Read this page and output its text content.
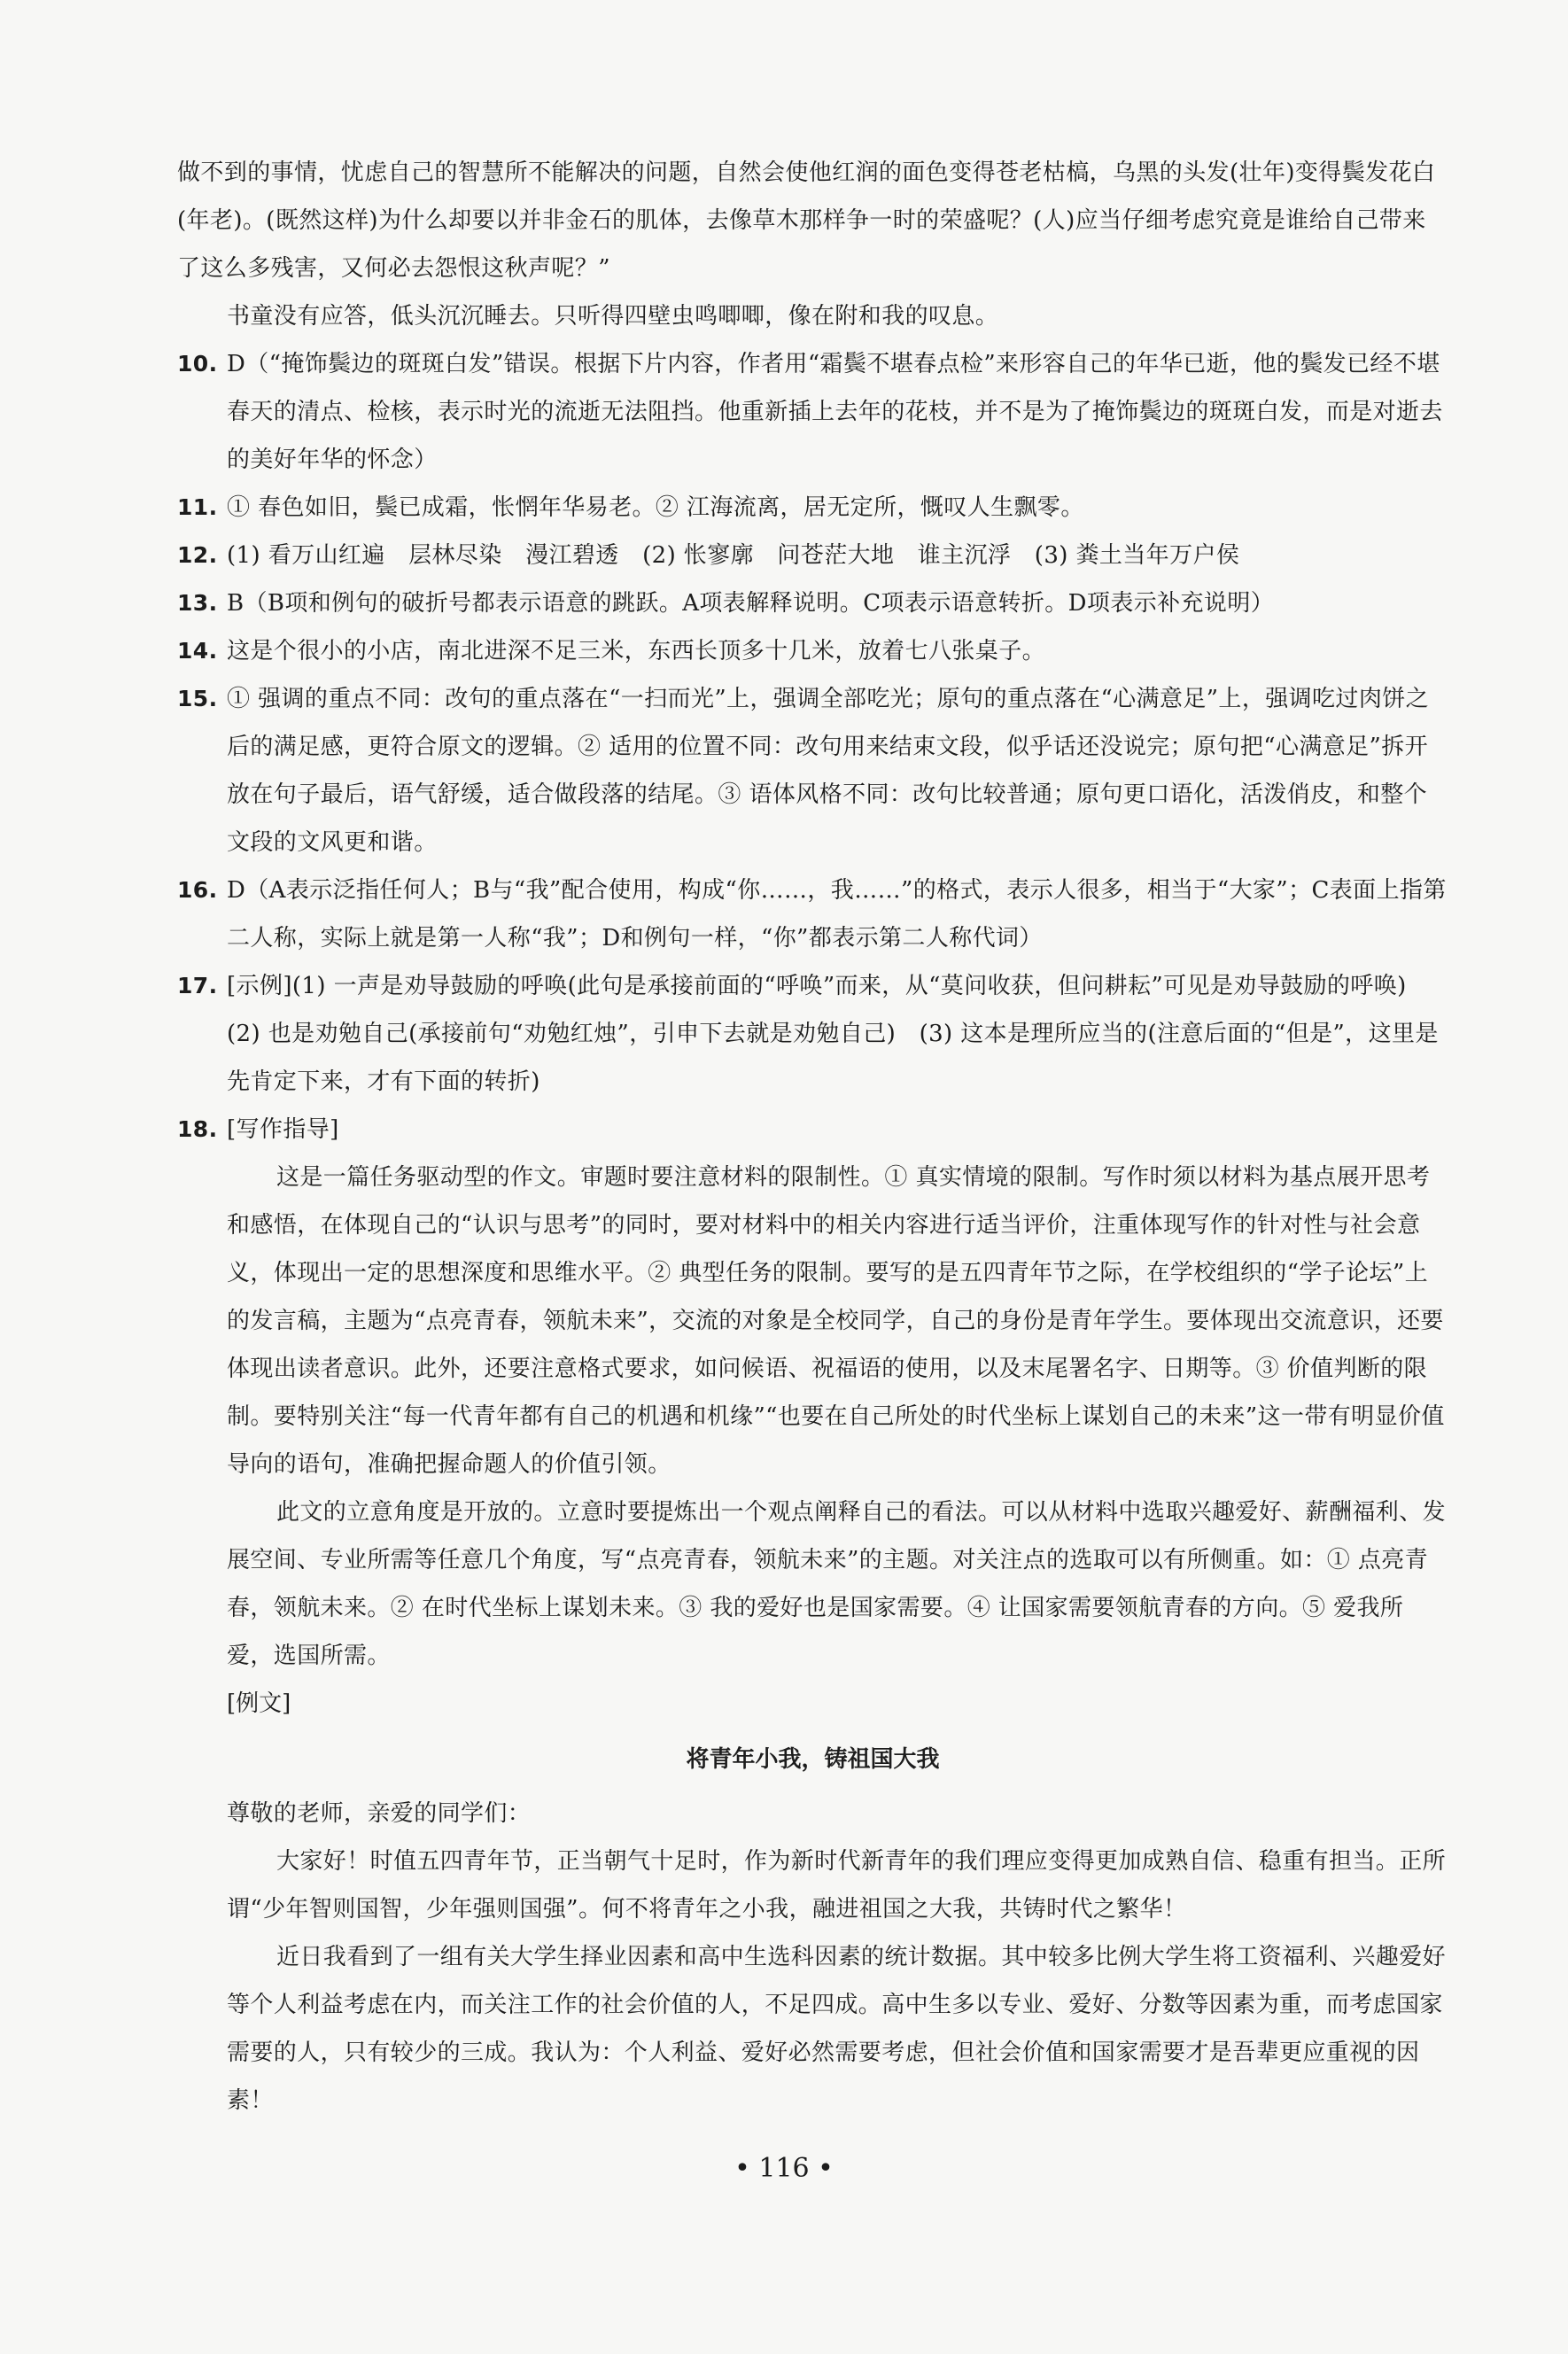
做不到的事情，忧虑自己的智慧所不能解决的问题，自然会使他红润的面色变得苍老枯槁，乌黑的头发(壮年)变得鬓发花白(年老)。(既然这样)为什么却要以并非金石的肌体，去像草木那样争一时的荣盛呢？(人)应当仔细考虑究竟是谁给自己带来了这么多残害，又何必去怨恨这秋声呢？”

书童没有应答，低头沉沉睡去。只听得四壁虫鸣唧唧，像在附和我的叹息。

10. D（“掩饰鬓边的斑斑白发”错误。根据下片内容，作者用“霜鬓不堪春点检”来形容自己的年华已逝，他的鬓发已经不堪春天的清点、检核，表示时光的流逝无法阻挡。他重新插上去年的花枝，并不是为了掩饰鬓边的斑斑白发，而是对逝去的美好年华的怀念）
11. ① 春色如旧，鬓已成霜，怅惘年华易老。② 江海流离，居无定所，慨叹人生飘零。
12. (1) 看万山红遍　层林尽染　漫江碧透　(2) 怅寥廓　问苍茫大地　谁主沉浮　(3) 粪土当年万户侯
13. B（B项和例句的破折号都表示语意的跳跃。A项表解释说明。C项表示语意转折。D项表示补充说明）
14. 这是个很小的小店，南北进深不足三米，东西长顶多十几米，放着七八张桌子。
15. ① 强调的重点不同：改句的重点落在“一扫而光”上，强调全部吃光；原句的重点落在“心满意足”上，强调吃过肉饼之后的满足感，更符合原文的逻辑。② 适用的位置不同：改句用来结束文段，似乎话还没说完；原句把“心满意足”拆开放在句子最后，语气舒缓，适合做段落的结尾。③ 语体风格不同：改句比较普通；原句更口语化，活泼俏皮，和整个文段的文风更和谐。
16. D（A表示泛指任何人；B与“我”配合使用，构成“你……，我……”的格式，表示人很多，相当于“大家”；C表面上指第二人称，实际上就是第一人称“我”；D和例句一样，“你”都表示第二人称代词）
17. [示例](1) 一声是劝导鼓励的呼唤(此句是承接前面的“呼唤”而来，从“莫问收获，但问耕耘”可见是劝导鼓励的呼唤)　(2) 也是劝勉自己(承接前句“劝勉红烛”，引申下去就是劝勉自己)　(3) 这本是理所应当的(注意后面的“但是”，这里是先肯定下来，才有下面的转折)
18. [写作指导]

这是一篇任务驱动型的作文。审题时要注意材料的限制性。① 真实情境的限制。写作时须以材料为基点展开思考和感悟，在体现自己的“认识与思考”的同时，要对材料中的相关内容进行适当评价，注重体现写作的针对性与社会意义，体现出一定的思想深度和思维水平。② 典型任务的限制。要写的是五四青年节之际，在学校组织的“学子论坛”上的发言稿，主题为“点亮青春，领航未来”，交流的对象是全校同学，自己的身份是青年学生。要体现出交流意识，还要体现出读者意识。此外，还要注意格式要求，如问候语、祝福语的使用，以及末尾署名字、日期等。③ 价值判断的限制。要特别关注“每一代青年都有自己的机遇和机缘”“也要在自己所处的时代坐标上谋划自己的未来”这一带有明显价值导向的语句，准确把握命题人的价值引领。

此文的立意角度是开放的。立意时要提炼出一个观点阐释自己的看法。可以从材料中选取兴趣爱好、薪酬福利、发展空间、专业所需等任意几个角度，写“点亮青春，领航未来”的主题。对关注点的选取可以有所侧重。如：① 点亮青春，领航未来。② 在时代坐标上谋划未来。③ 我的爱好也是国家需要。④ 让国家需要领航青春的方向。⑤ 爱我所爱，选国所需。

[例文]

将青年小我，铸祖国大我

尊敬的老师，亲爱的同学们：

大家好！时值五四青年节，正当朝气十足时，作为新时代新青年的我们理应变得更加成熟自信、稳重有担当。正所谓“少年智则国智，少年强则国强”。何不将青年之小我，融进祖国之大我，共铸时代之繁华！

近日我看到了一组有关大学生择业因素和高中生选科因素的统计数据。其中较多比例大学生将工资福利、兴趣爱好等个人利益考虑在内，而关注工作的社会价值的人，不足四成。高中生多以专业、爱好、分数等因素为重，而考虑国家需要的人，只有较少的三成。我认为：个人利益、爱好必然需要考虑，但社会价值和国家需要才是吾辈更应重视的因素！

• 116 •
